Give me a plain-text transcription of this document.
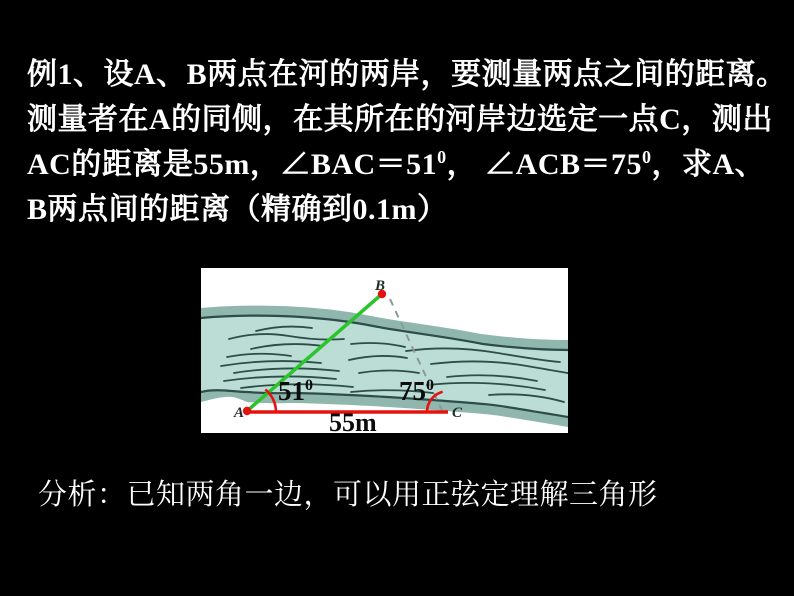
例1、设A、B两点在河的两岸，要测量两点之间的距离。
测量者在A的同侧，在其所在的河岸边选定一点C，测出
AC的距离是55m，$\angle BAC=51^0$， $\angle ACB=75^0$，求A、
B两点间的距离（精确到0.1m）
A
B
C
$51^0$	$75^0$
55m
分析：已知两角一边，可以用正弦定理解三角形
